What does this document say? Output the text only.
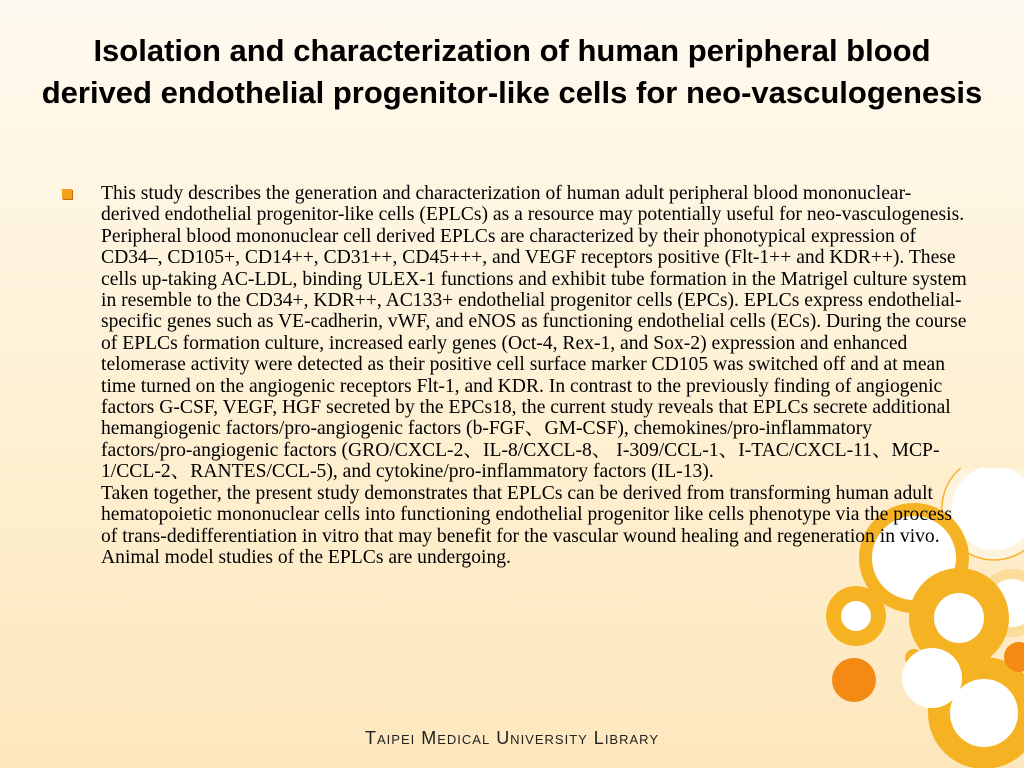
Isolation and characterization of human peripheral blood derived endothelial progenitor-like cells for neo-vasculogenesis

This study describes the generation and characterization of human adult peripheral blood mononuclear-derived endothelial progenitor-like cells (EPLCs) as a resource may potentially useful for neo-vasculogenesis.

Peripheral blood mononuclear cell derived EPLCs are characterized by their phonotypical expression of CD34–, CD105+, CD14++, CD31++, CD45+++, and VEGF receptors positive (Flt-1++ and KDR++). These cells up-taking AC-LDL, binding ULEX-1 functions and exhibit tube formation in the Matrigel culture system in resemble to the CD34+, KDR++, AC133+ endothelial progenitor cells (EPCs). EPLCs express endothelial-specific genes such as VE-cadherin, vWF, and eNOS as functioning endothelial cells (ECs). During the course of EPLCs formation culture, increased early genes (Oct-4, Rex-1, and Sox-2) expression and enhanced telomerase activity were detected as their positive cell surface marker CD105 was switched off and at mean time turned on the angiogenic receptors Flt-1, and KDR. In contrast to the previously finding of angiogenic factors G-CSF, VEGF, HGF secreted by the EPCs18, the current study reveals that EPLCs secrete additional hemangiogenic factors/pro-angiogenic factors (b-FGF、GM-CSF), chemokines/pro-inflammatory factors/pro-angiogenic factors (GRO/CXCL-2、IL-8/CXCL-8、 I-309/CCL-1、I-TAC/CXCL-11、MCP-1/CCL-2、RANTES/CCL-5), and cytokine/pro-inflammatory factors (IL-13).

Taken together, the present study demonstrates that EPLCs can be derived from transforming human adult hematopoietic mononuclear cells into functioning endothelial progenitor like cells phenotype via the process of trans-dedifferentiation in vitro that may benefit for the vascular wound healing and regeneration in vivo. Animal model studies of the EPLCs are undergoing.

Taipei Medical University Library
